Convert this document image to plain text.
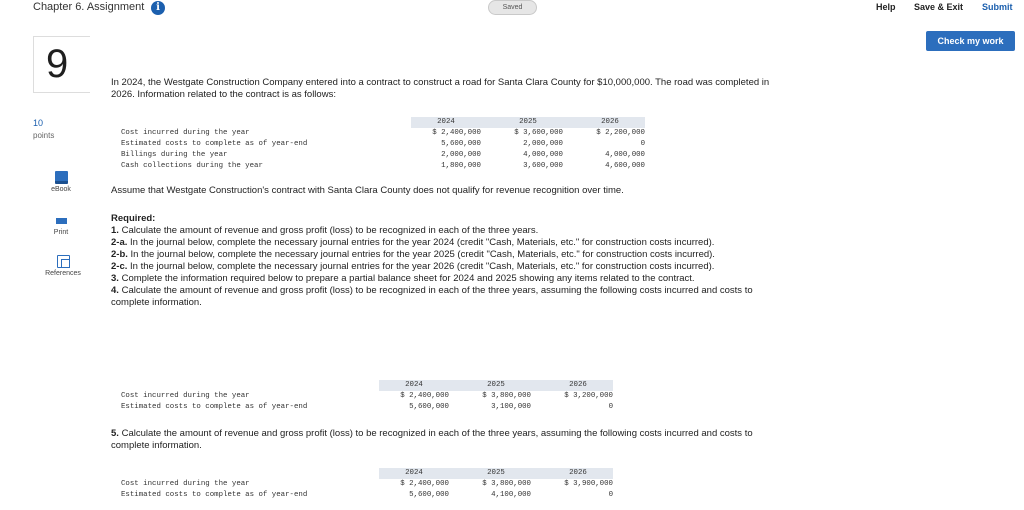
Chapter 6. Assignment	i	Saved	Help Save & Exit Submit
Check my work
9
10
points
eBook
Print
References
In 2024, the Westgate Construction Company entered into a contract to construct a road for Santa Clara County for $10,000,000. The road was completed in 2026. Information related to the contract is as follows:
	2024		2025		2026
Cost incurred during the year	$ 2,400,000		$ 3,600,000		$ 2,200,000
Estimated costs to complete as of year-end	5,600,000		2,000,000		0
Billings during the year	2,000,000		4,000,000		4,000,000
Cash collections during the year	1,800,000		3,600,000		4,600,000
Assume that Westgate Construction's contract with Santa Clara County does not qualify for revenue recognition over time.
Required:
1. Calculate the amount of revenue and gross profit (loss) to be recognized in each of the three years.
2-a. In the journal below, complete the necessary journal entries for the year 2024 (credit "Cash, Materials, etc." for construction costs incurred).
2-b. In the journal below, complete the necessary journal entries for the year 2025 (credit "Cash, Materials, etc." for construction costs incurred).
2-c. In the journal below, complete the necessary journal entries for the year 2026 (credit "Cash, Materials, etc." for construction costs incurred).
3. Complete the information required below to prepare a partial balance sheet for 2024 and 2025 showing any items related to the contract.
4. Calculate the amount of revenue and gross profit (loss) to be recognized in each of the three years, assuming the following costs incurred and costs to complete information.
	2024		2025		2026
Cost incurred during the year	$ 2,400,000		$ 3,800,000		$ 3,200,000
Estimated costs to complete as of year-end	5,600,000		3,100,000		0
5. Calculate the amount of revenue and gross profit (loss) to be recognized in each of the three years, assuming the following costs incurred and costs to complete information.
	2024		2025		2026
Cost incurred during the year	$ 2,400,000		$ 3,800,000		$ 3,900,000
Estimated costs to complete as of year-end	5,600,000		4,100,000		0
